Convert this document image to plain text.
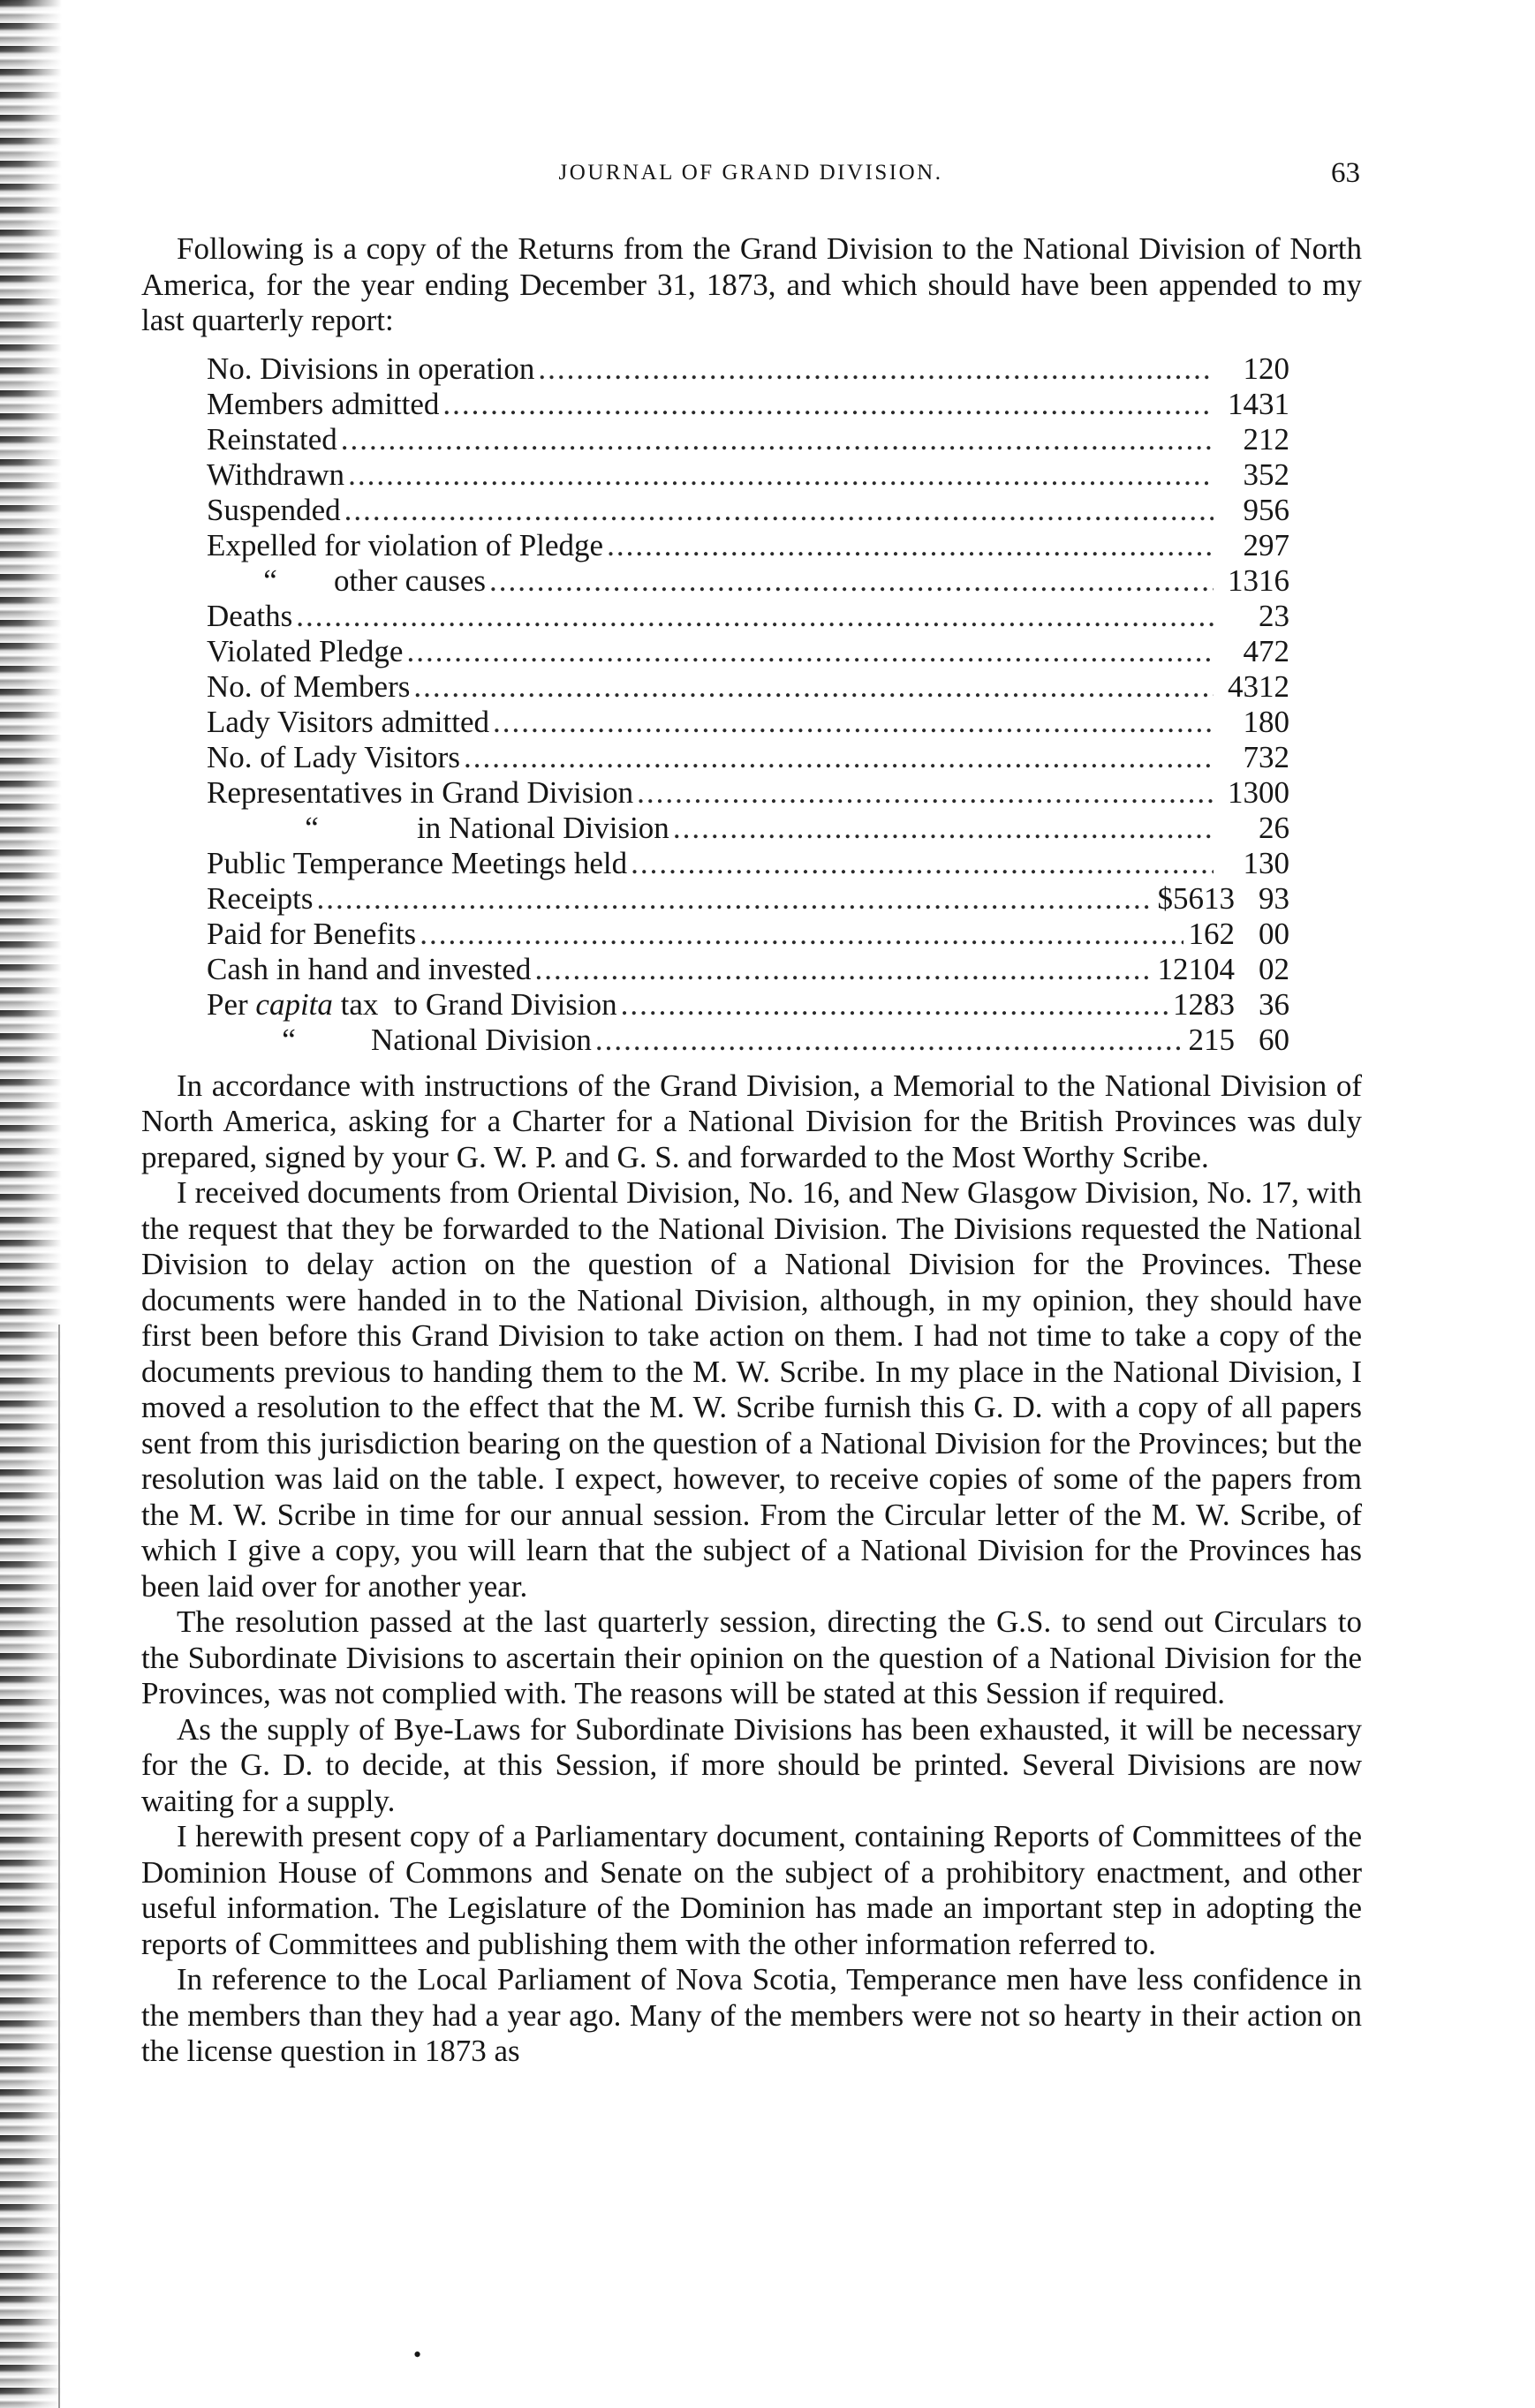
JOURNAL OF GRAND DIVISION.	63

Following is a copy of the Returns from the Grand Division to the National Division of North America, for the year ending December 31, 1873, and which should have been appended to my last quarterly report:

No. Divisions in operation .....	120
Members admitted .....	1431
Reinstated .....	212
Withdrawn .....	352
Suspended .....	956
Expelled for violation of Pledge .....	297
“	other causes .....	1316
Deaths .....	23
Violated Pledge .....	472
No. of Members .....	4312
Lady Visitors admitted .....	180
No. of Lady Visitors .....	732
Representatives in Grand Division .....	1300
“	in National Division .....	26
Public Temperance Meetings held .....	130
Receipts .....	$5613 93
Paid for Benefits .....	162 00
Cash in hand and invested .....	12104 02
Per capita tax  to Grand Division .....	1283 36
“	National Division .....	215 60

In accordance with instructions of the Grand Division, a Memorial to the National Division of North America, asking for a Charter for a National Division for the British Provinces was duly prepared, signed by your G. W. P. and G. S. and forwarded to the Most Worthy Scribe.

I received documents from Oriental Division, No. 16, and New Glasgow Division, No. 17, with the request that they be forwarded to the National Division. The Divisions requested the National Division to delay action on the question of a National Division for the Provinces. These documents were handed in to the National Division, although, in my opinion, they should have first been before this Grand Division to take action on them. I had not time to take a copy of the documents previous to handing them to the M. W. Scribe. In my place in the National Division, I moved a resolution to the effect that the M. W. Scribe furnish this G. D. with a copy of all papers sent from this jurisdiction bearing on the question of a National Division for the Provinces; but the resolution was laid on the table. I expect, however, to receive copies of some of the papers from the M. W. Scribe in time for our annual session. From the Circular letter of the M. W. Scribe, of which I give a copy, you will learn that the subject of a National Division for the Provinces has been laid over for another year.

The resolution passed at the last quarterly session, directing the G.S. to send out Circulars to the Subordinate Divisions to ascertain their opinion on the question of a National Division for the Provinces, was not complied with. The reasons will be stated at this Session if required.

As the supply of Bye-Laws for Subordinate Divisions has been exhausted, it will be necessary for the G. D. to decide, at this Session, if more should be printed. Several Divisions are now waiting for a supply.

I herewith present copy of a Parliamentary document, containing Reports of Committees of the Dominion House of Commons and Senate on the subject of a prohibitory enactment, and other useful information. The Legislature of the Dominion has made an important step in adopting the reports of Committees and publishing them with the other information referred to.

In reference to the Local Parliament of Nova Scotia, Temperance men have less confidence in the members than they had a year ago. Many of the members were not so hearty in their action on the license question in 1873 as

•
